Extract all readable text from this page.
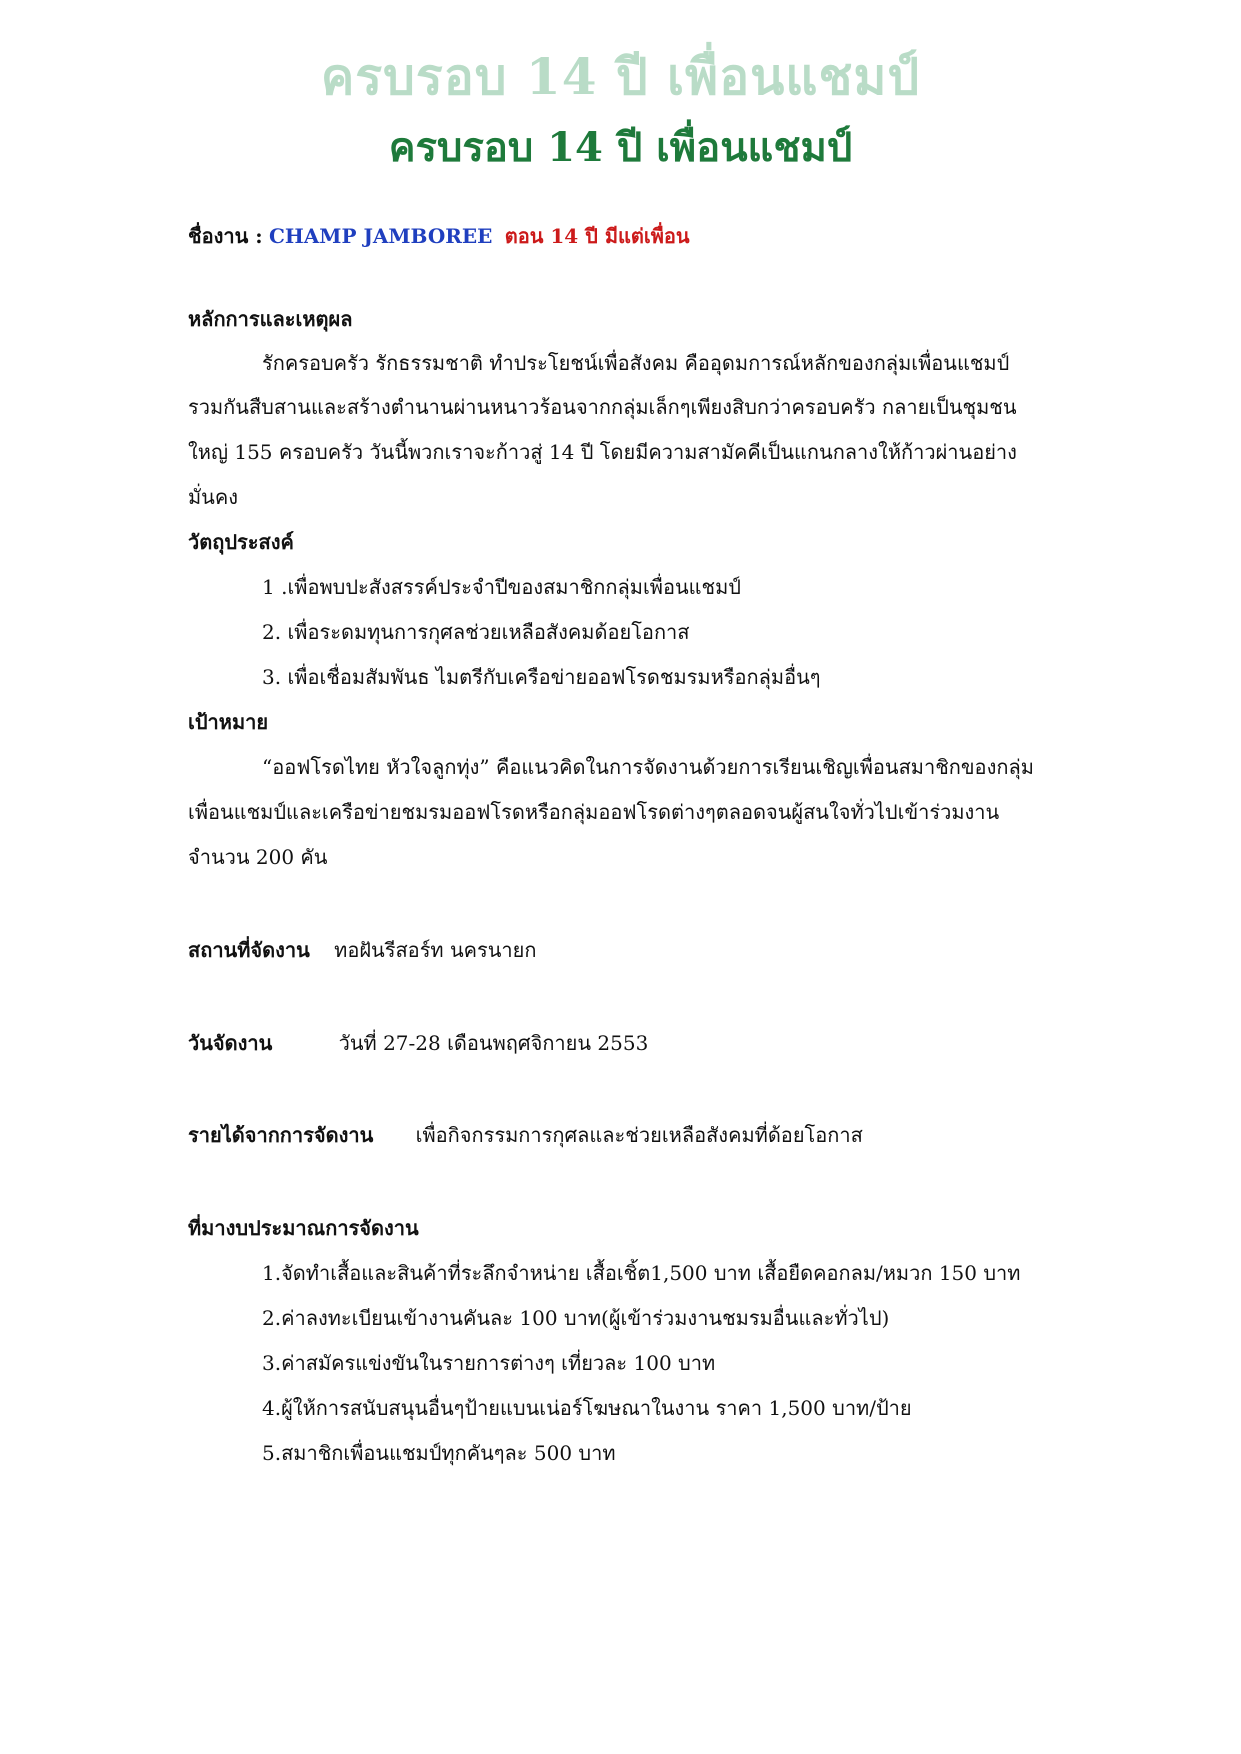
ครบรอบ 14 ปี เพื่อนแชมป์
ครบรอบ 14 ปี เพื่อนแชมป์
ชื่องาน : CHAMP JAMBOREE ตอน 14 ปี มีแต่เพื่อน
หลักการและเหตุผล
รักครอบครัว รักธรรมชาติ ทำประโยชน์เพื่อสังคม คืออุดมการณ์หลักของกลุ่มเพื่อนแชมป์
รวมกันสืบสานและสร้างตำนานผ่านหนาวร้อนจากกลุ่มเล็กๆเพียงสิบกว่าครอบครัว กลายเป็นชุมชน
ใหญ่ 155 ครอบครัว วันนี้พวกเราจะก้าวสู่ 14 ปี โดยมีความสามัคคีเป็นแกนกลางให้ก้าวผ่านอย่าง
มั่นคง
วัตถุประสงค์
1 .เพื่อพบปะสังสรรค์ประจำปีของสมาชิกกลุ่มเพื่อนแชมป์
2. เพื่อระดมทุนการกุศลช่วยเหลือสังคมด้อยโอกาส
3. เพื่อเชื่อมสัมพันธ ไมตรีกับเครือข่ายออฟโรดชมรมหรือกลุ่มอื่นๆ
เป้าหมาย
“ออฟโรดไทย หัวใจลูกทุ่ง” คือแนวคิดในการจัดงานด้วยการเรียนเชิญเพื่อนสมาชิกของกลุ่ม
เพื่อนแชมป์และเครือข่ายชมรมออฟโรดหรือกลุ่มออฟโรดต่างๆตลอดจนผู้สนใจทั่วไปเข้าร่วมงาน
จำนวน 200 คัน
สถานที่จัดงาน ทอฝันรีสอร์ท นครนายก
วันจัดงาน	วันที่ 27-28 เดือนพฤศจิกายน 2553
รายได้จากการจัดงาน เพื่อกิจกรรมการกุศลและช่วยเหลือสังคมที่ด้อยโอกาส
ที่มางบประมาณการจัดงาน
1.จัดทำเสื้อและสินค้าที่ระลึกจำหน่าย เสื้อเชิ้ต1,500 บาท เสื้อยืดคอกลม/หมวก 150 บาท
2.ค่าลงทะเบียนเข้างานคันละ 100 บาท(ผู้เข้าร่วมงานชมรมอื่นและทั่วไป)
3.ค่าสมัครแข่งขันในรายการต่างๆ เที่ยวละ 100 บาท
4.ผู้ให้การสนับสนุนอื่นๆป้ายแบนเน่อร์โฆษณาในงาน ราคา 1,500 บาท/ป้าย
5.สมาชิกเพื่อนแชมป์ทุกคันๆละ 500 บาท
